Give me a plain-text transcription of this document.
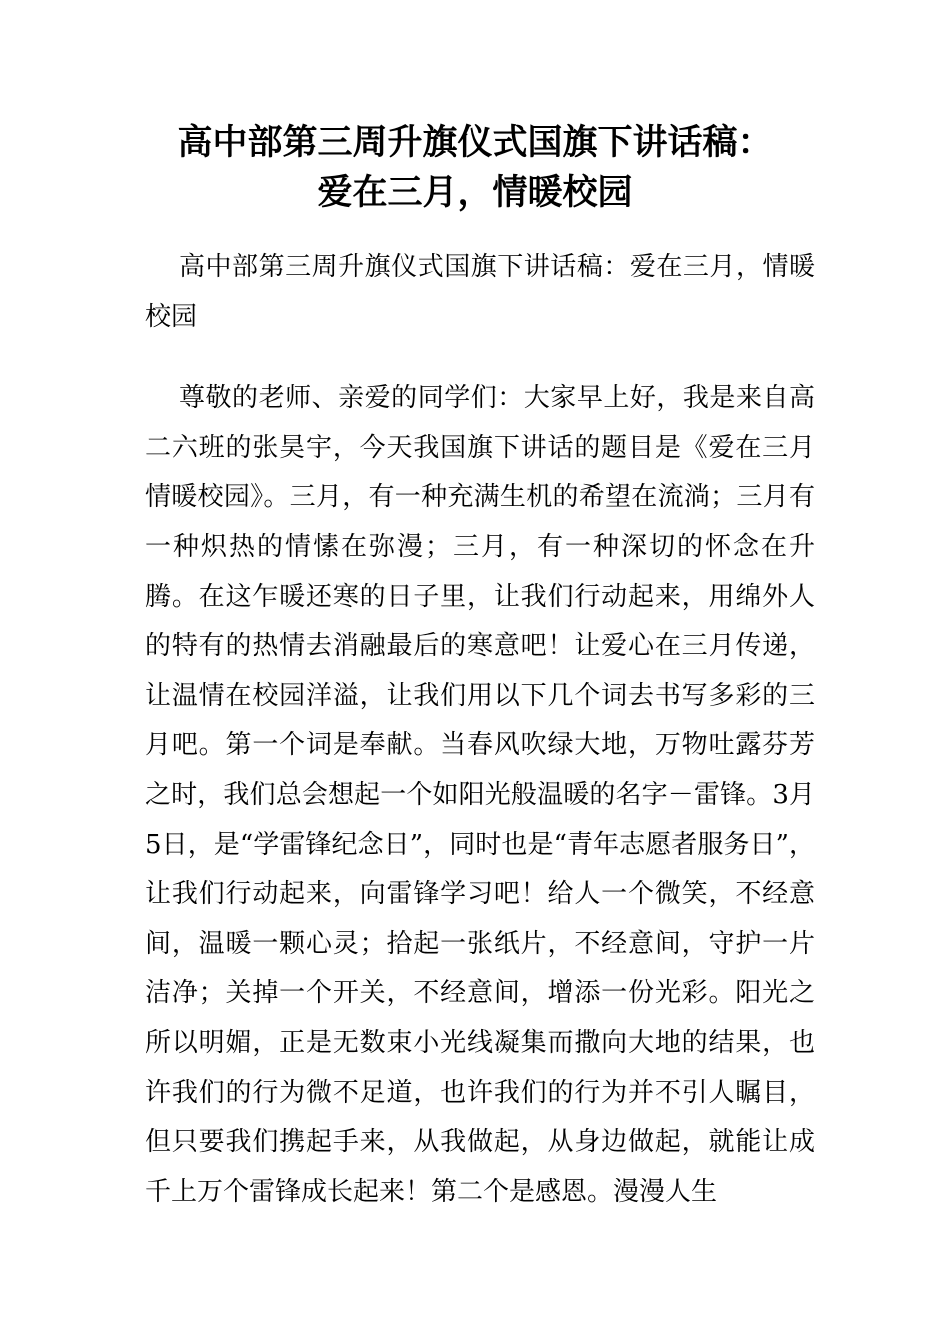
高中部第三周升旗仪式国旗下讲话稿：
爱在三月，情暖校园

高中部第三周升旗仪式国旗下讲话稿：爱在三月，情暖校园

尊敬的老师、亲爱的同学们：大家早上好，我是来自高二六班的张昊宇，今天我国旗下讲话的题目是《爱在三月情暖校园》。三月，有一种充满生机的希望在流淌；三月有一种炽热的情愫在弥漫；三月，有一种深切的怀念在升腾。在这乍暖还寒的日子里，让我们行动起来，用绵外人的特有的热情去消融最后的寒意吧！让爱心在三月传递，让温情在校园洋溢，让我们用以下几个词去书写多彩的三月吧。第一个词是奉献。当春风吹绿大地，万物吐露芬芳之时，我们总会想起一个如阳光般温暖的名字－雷锋。3月5日，是“学雷锋纪念日”，同时也是“青年志愿者服务日”，让我们行动起来，向雷锋学习吧！给人一个微笑，不经意间，温暖一颗心灵；拾起一张纸片，不经意间，守护一片洁净；关掉一个开关，不经意间，增添一份光彩。阳光之所以明媚，正是无数束小光线凝集而撒向大地的结果，也许我们的行为微不足道，也许我们的行为并不引人瞩目，但只要我们携起手来，从我做起，从身边做起，就能让成千上万个雷锋成长起来！第二个是感恩。漫漫人生
